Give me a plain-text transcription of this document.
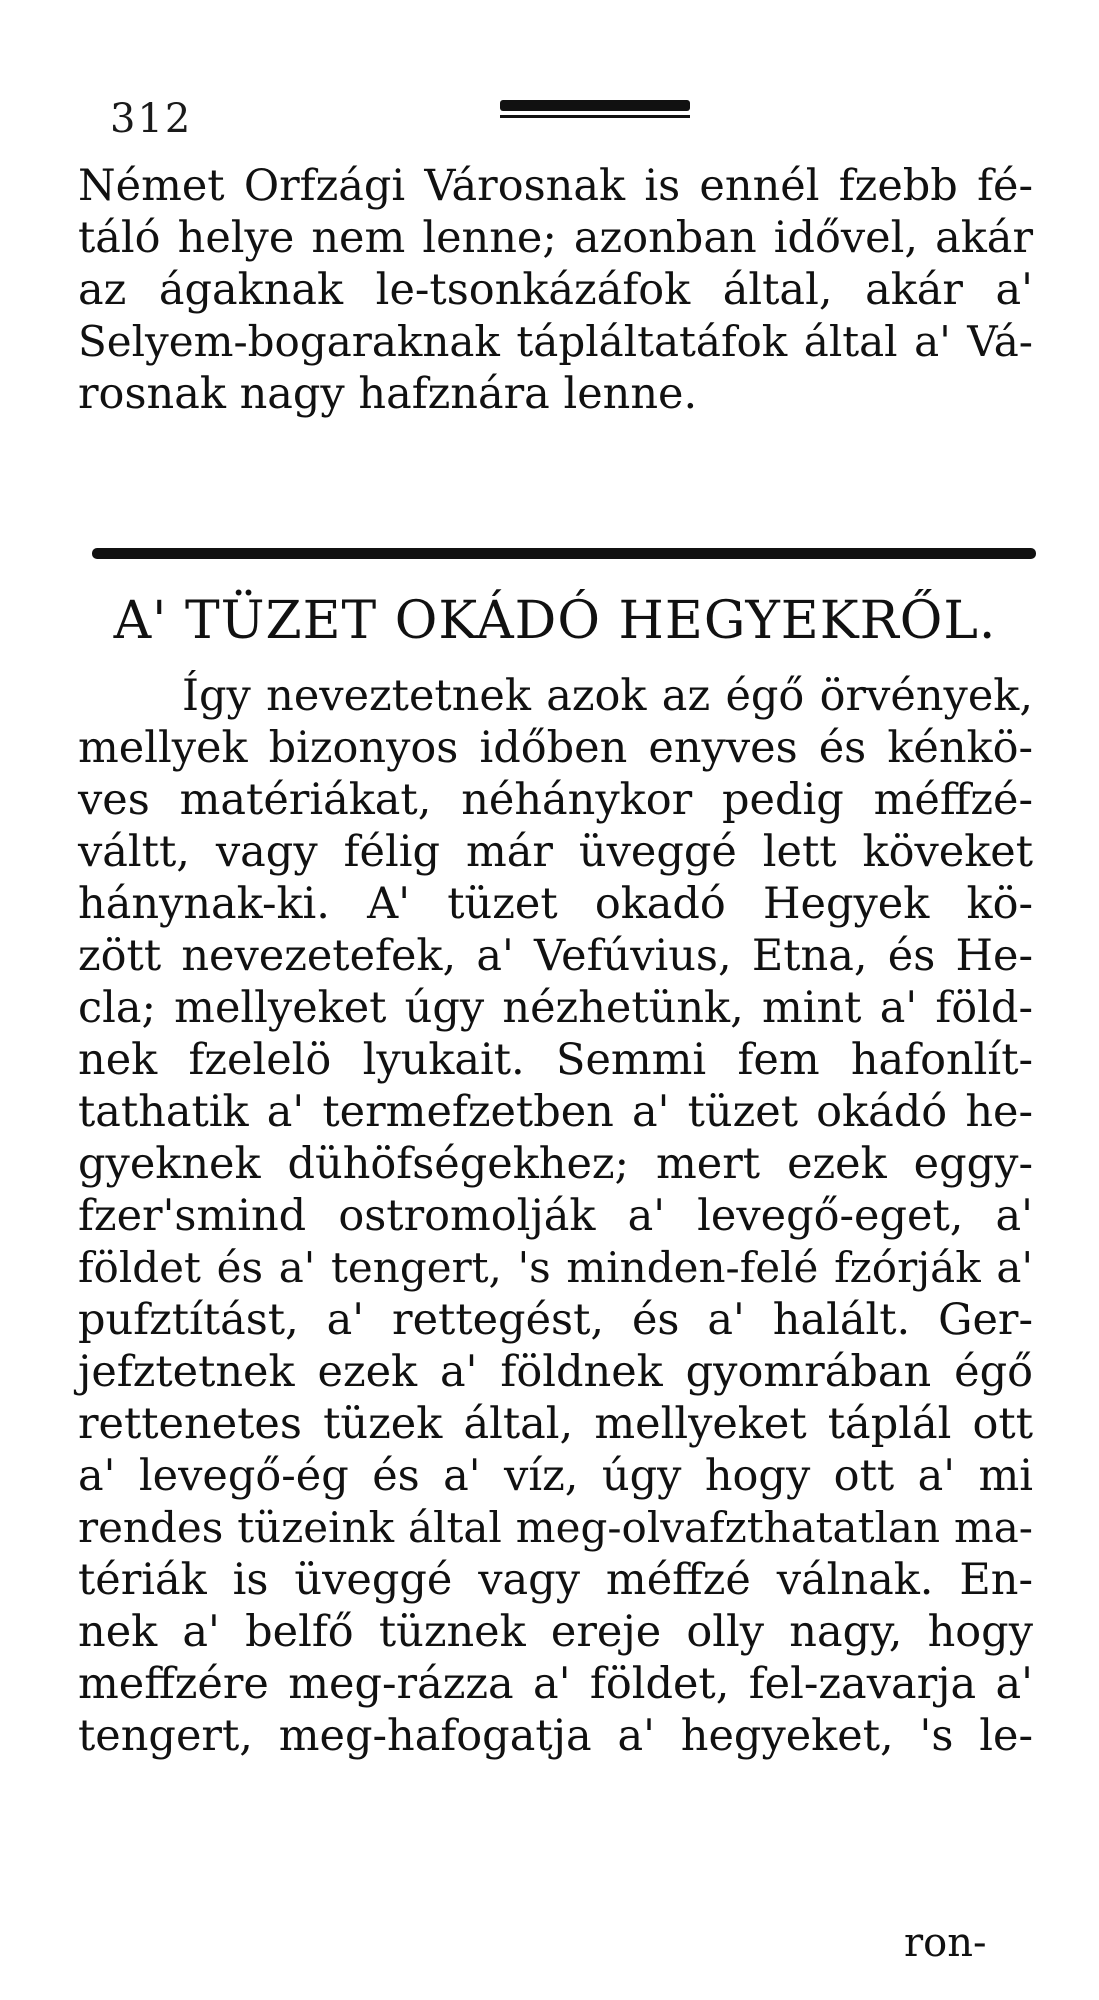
312
Német Orfzági Városnak is ennél fzebb fé-
táló helye nem lenne; azonban idővel, akár
az ágaknak le-tsonkázáfok által, akár a'
Selyem-bogaraknak tápláltatáfok által a' Vá-
rosnak nagy hafznára lenne.
A' TÜZET OKÁDÓ HEGYEKRŐL.
Így neveztetnek azok az égő örvények,
mellyek bizonyos időben enyves és kénkö-
ves matériákat, néhánykor pedig méffzé-
váltt, vagy félig már üveggé lett köveket
hánynak-ki. A' tüzet okadó Hegyek kö-
zött nevezetefek, a' Vefúvius, Etna, és He-
cla; mellyeket úgy nézhetünk, mint a' föld-
nek fzelelö lyukait. Semmi fem hafonlít-
tathatik a' termefzetben a' tüzet okádó he-
gyeknek dühöfségekhez; mert ezek eggy-
fzer'smind ostromolják a' levegő-eget, a'
földet és a' tengert, 's minden-felé fzórják a'
pufztítást, a' rettegést, és a' halált. Ger-
jefztetnek ezek a' földnek gyomrában égő
rettenetes tüzek által, mellyeket táplál ott
a' levegő-ég és a' víz, úgy hogy ott a' mi
rendes tüzeink által meg-olvafzthatatlan ma-
tériák is üveggé vagy méffzé válnak. En-
nek a' belfő tüznek ereje olly nagy, hogy
meffzére meg-rázza a' földet, fel-zavarja a'
tengert, meg-hafogatja a' hegyeket, 's le-
ron-
